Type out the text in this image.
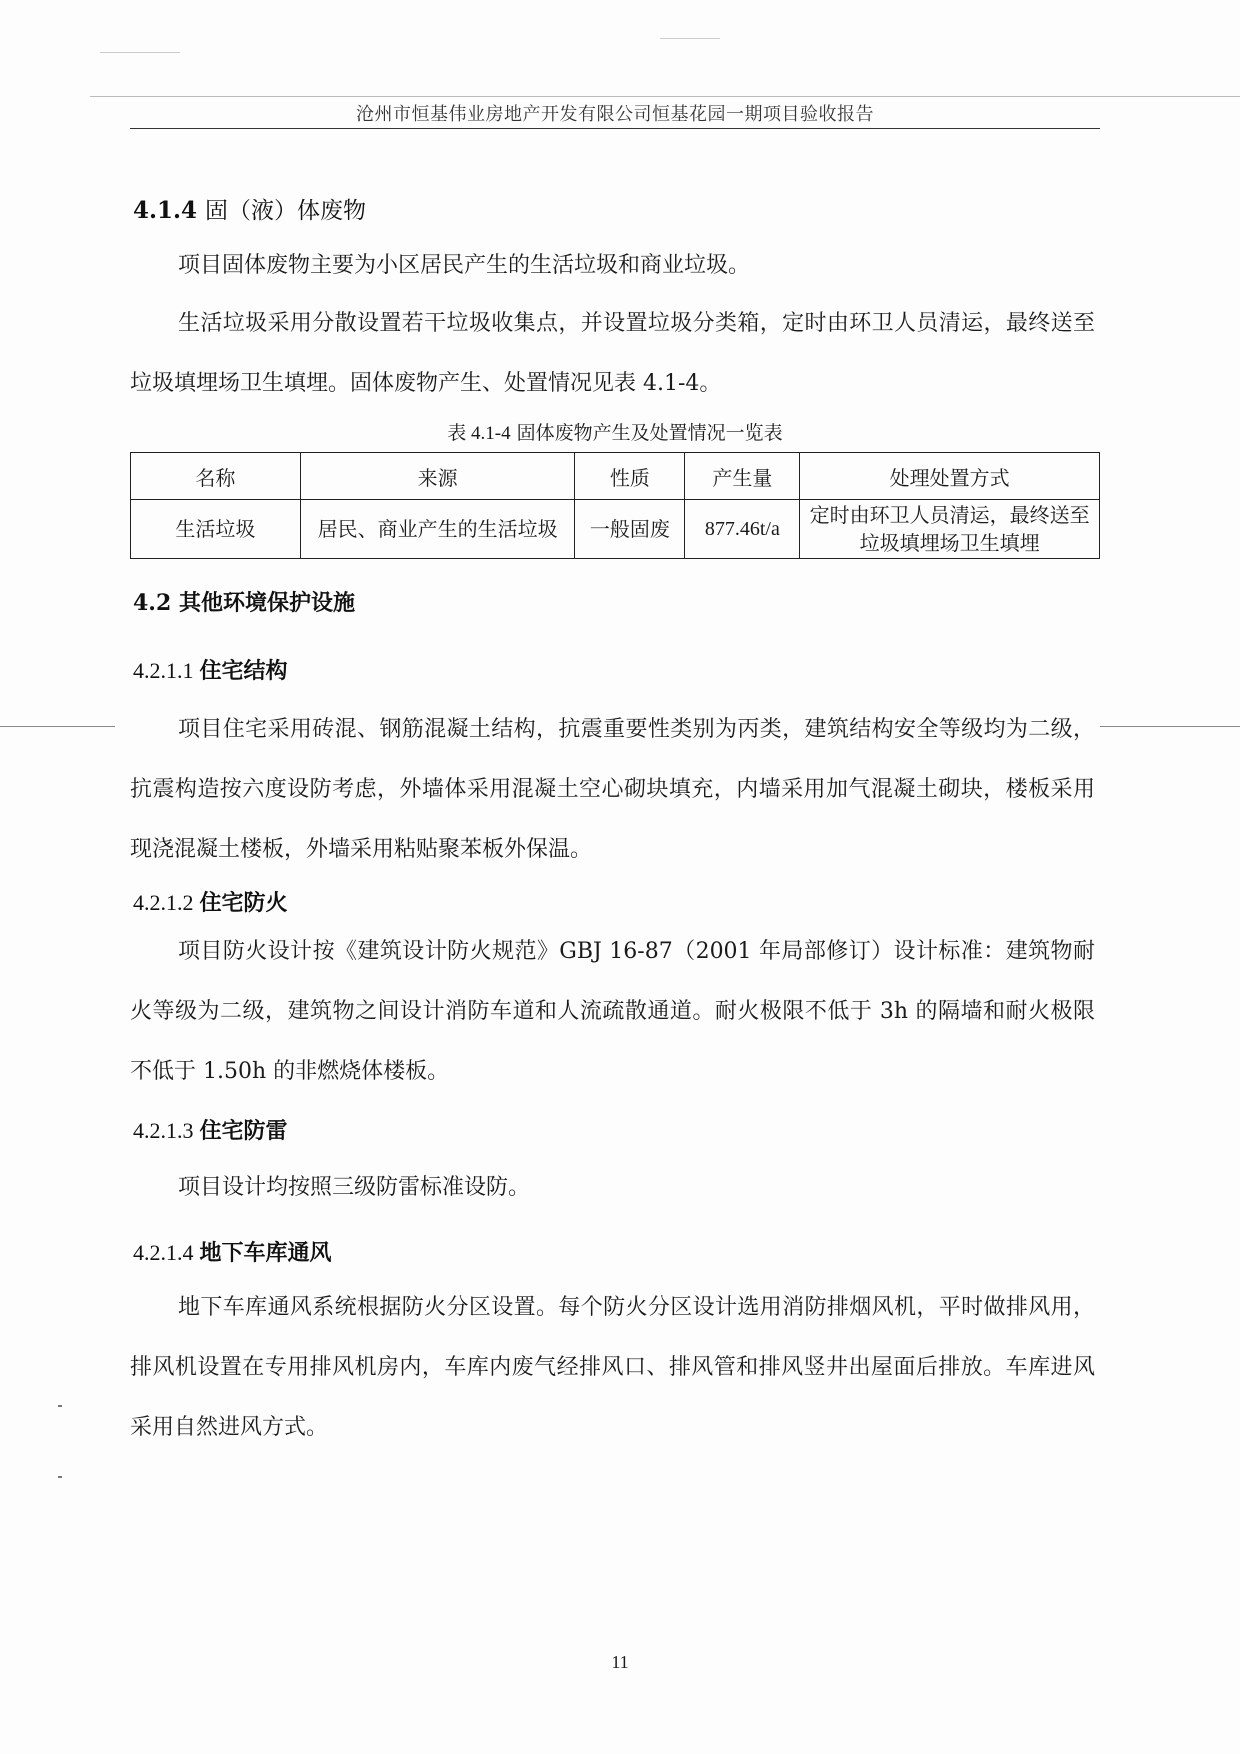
沧州市恒基伟业房地产开发有限公司恒基花园一期项目验收报告
4.1.4 固（液）体废物
项目固体废物主要为小区居民产生的生活垃圾和商业垃圾。
生活垃圾采用分散设置若干垃圾收集点，并设置垃圾分类箱，定时由环卫人员清运，最终送至垃圾填埋场卫生填埋。固体废物产生、处置情况见表 4.1-4。
表 4.1-4 固体废物产生及处置情况一览表
名称	来源	性质	产生量	处理处置方式
生活垃圾	居民、商业产生的生活垃圾	一般固废	877.46t/a	定时由环卫人员清运，最终送至垃圾填埋场卫生填埋
4.2 其他环境保护设施
4.2.1.1 住宅结构
项目住宅采用砖混、钢筋混凝土结构，抗震重要性类别为丙类，建筑结构安全等级均为二级，抗震构造按六度设防考虑，外墙体采用混凝土空心砌块填充，内墙采用加气混凝土砌块，楼板采用现浇混凝土楼板，外墙采用粘贴聚苯板外保温。
4.2.1.2 住宅防火
项目防火设计按《建筑设计防火规范》GBJ 16-87（2001 年局部修订）设计标准：建筑物耐火等级为二级，建筑物之间设计消防车道和人流疏散通道。耐火极限不低于 3h 的隔墙和耐火极限不低于 1.50h 的非燃烧体楼板。
4.2.1.3 住宅防雷
项目设计均按照三级防雷标准设防。
4.2.1.4 地下车库通风
地下车库通风系统根据防火分区设置。每个防火分区设计选用消防排烟风机，平时做排风用，排风机设置在专用排风机房内，车库内废气经排风口、排风管和排风竖井出屋面后排放。车库进风采用自然进风方式。
11
